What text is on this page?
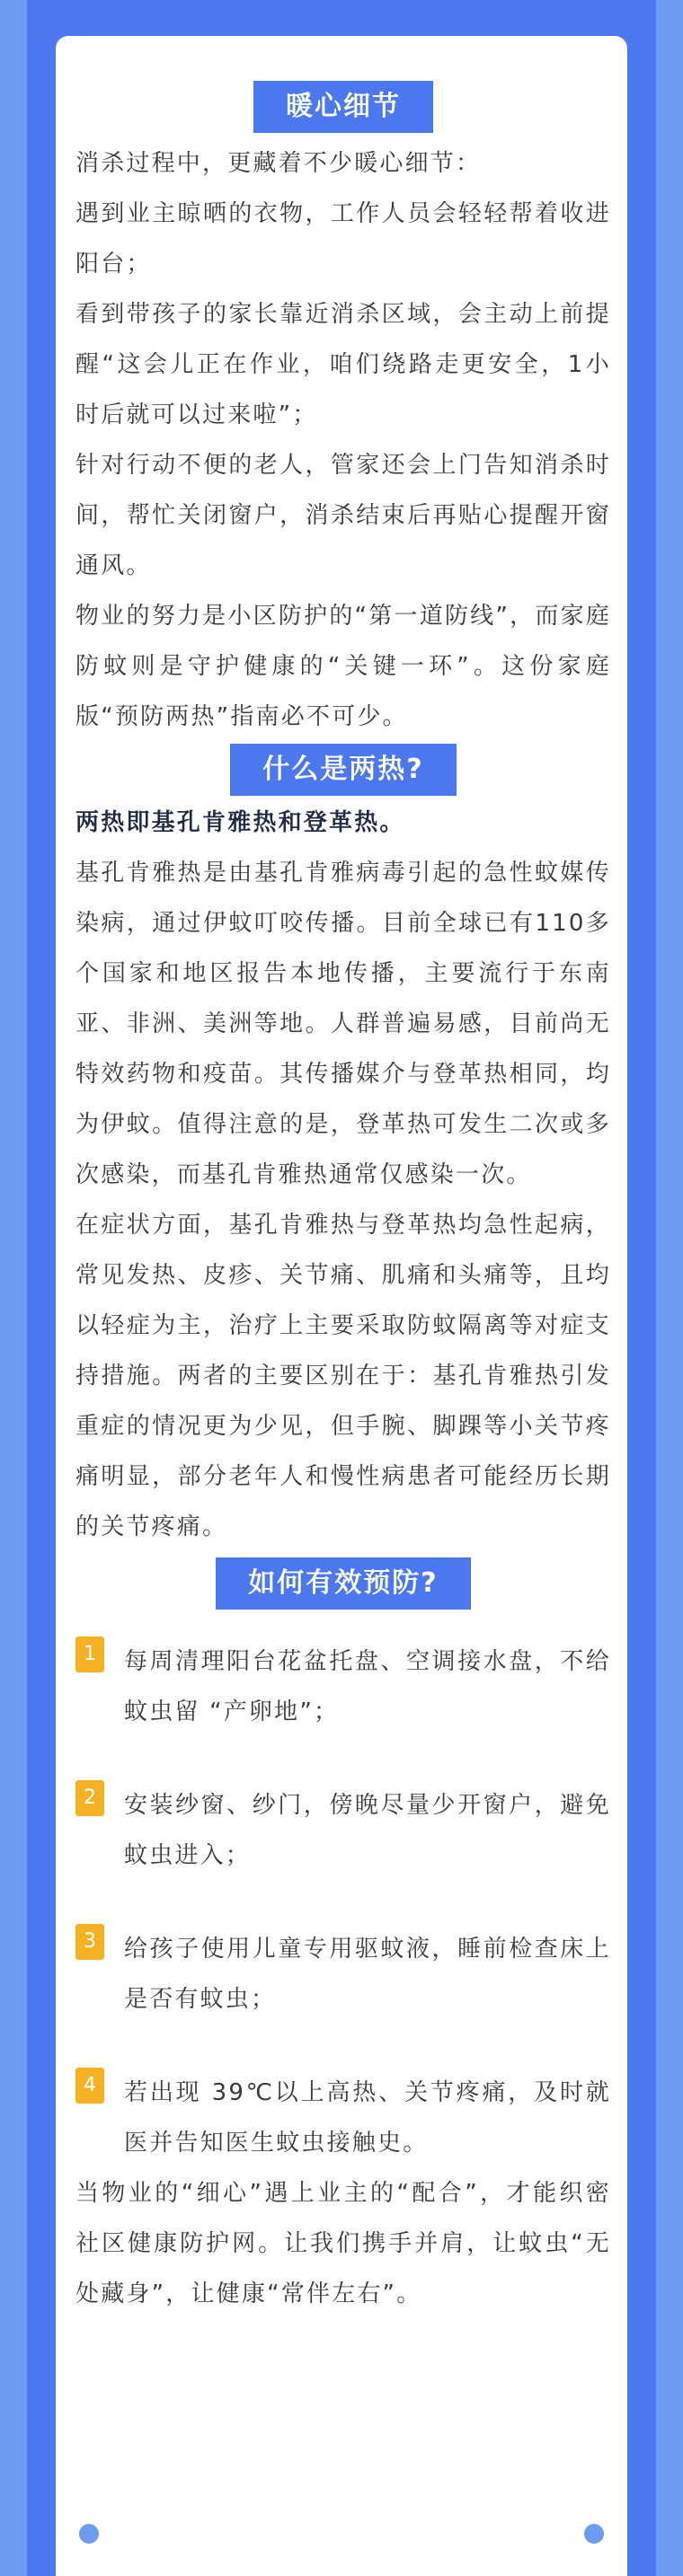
暖心细节

消杀过程中，更藏着不少暖心细节：

遇到业主晾晒的衣物，工作人员会轻轻帮着收进阳台；

看到带孩子的家长靠近消杀区域，会主动上前提醒“这会儿正在作业，咱们绕路走更安全，1小时后就可以过来啦”；

针对行动不便的老人，管家还会上门告知消杀时间，帮忙关闭窗户，消杀结束后再贴心提醒开窗通风。

物业的努力是小区防护的“第一道防线”，而家庭防蚊则是守护健康的“关键一环”。这份家庭版“预防两热”指南必不可少。

什么是两热?

两热即基孔肯雅热和登革热。

基孔肯雅热是由基孔肯雅病毒引起的急性蚊媒传染病，通过伊蚊叮咬传播。目前全球已有110多个国家和地区报告本地传播，主要流行于东南亚、非洲、美洲等地。人群普遍易感，目前尚无特效药物和疫苗。其传播媒介与登革热相同，均为伊蚊。值得注意的是，登革热可发生二次或多次感染，而基孔肯雅热通常仅感染一次。

在症状方面，基孔肯雅热与登革热均急性起病，常见发热、皮疹、关节痛、肌痛和头痛等，且均以轻症为主，治疗上主要采取防蚊隔离等对症支持措施。两者的主要区别在于：基孔肯雅热引发重症的情况更为少见，但手腕、脚踝等小关节疼痛明显，部分老年人和慢性病患者可能经历长期的关节疼痛。

如何有效预防?
1	每周清理阳台花盆托盘、空调接水盘，不给蚊虫留 “产卵地”；

2	安装纱窗、纱门，傍晚尽量少开窗户，避免蚊虫进入；

3	给孩子使用儿童专用驱蚊液，睡前检查床上是否有蚊虫；

4	若出现 39℃以上高热、关节疼痛，及时就医并告知医生蚊虫接触史。

当物业的“细心”遇上业主的“配合”，才能织密社区健康防护网。让我们携手并肩，让蚊虫“无处藏身”，让健康“常伴左右”。
